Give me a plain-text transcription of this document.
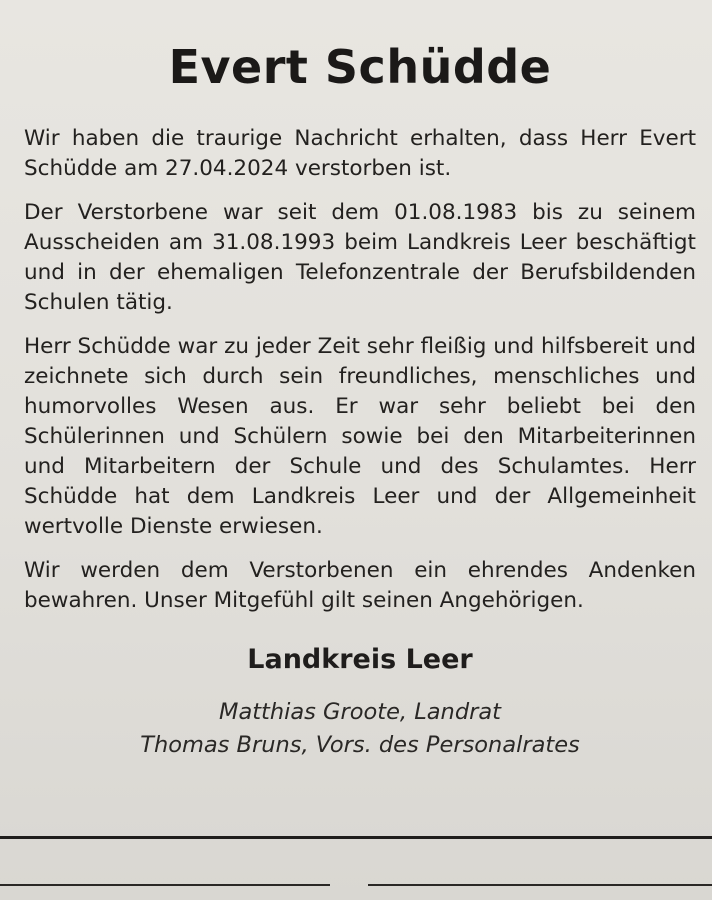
Evert Schüdde

Wir haben die traurige Nachricht erhalten, dass Herr Evert Schüdde am 27.04.2024 verstorben ist.

Der Verstorbene war seit dem 01.08.1983 bis zu seinem Ausscheiden am 31.08.1993 beim Landkreis Leer beschäftigt und in der ehemaligen Telefonzentrale der Berufsbildenden Schulen tätig.

Herr Schüdde war zu jeder Zeit sehr fleißig und hilfsbereit und zeichnete sich durch sein freundliches, menschliches und humorvolles Wesen aus. Er war sehr beliebt bei den Schülerinnen und Schülern sowie bei den Mitarbeiterinnen und Mitarbeitern der Schule und des Schulamtes. Herr Schüdde hat dem Landkreis Leer und der Allgemeinheit wertvolle Dienste erwiesen.

Wir werden dem Verstorbenen ein ehrendes Andenken bewahren. Unser Mitgefühl gilt seinen Angehörigen.

Landkreis Leer
Matthias Groote, Landrat
Thomas Bruns, Vors. des Personalrates
